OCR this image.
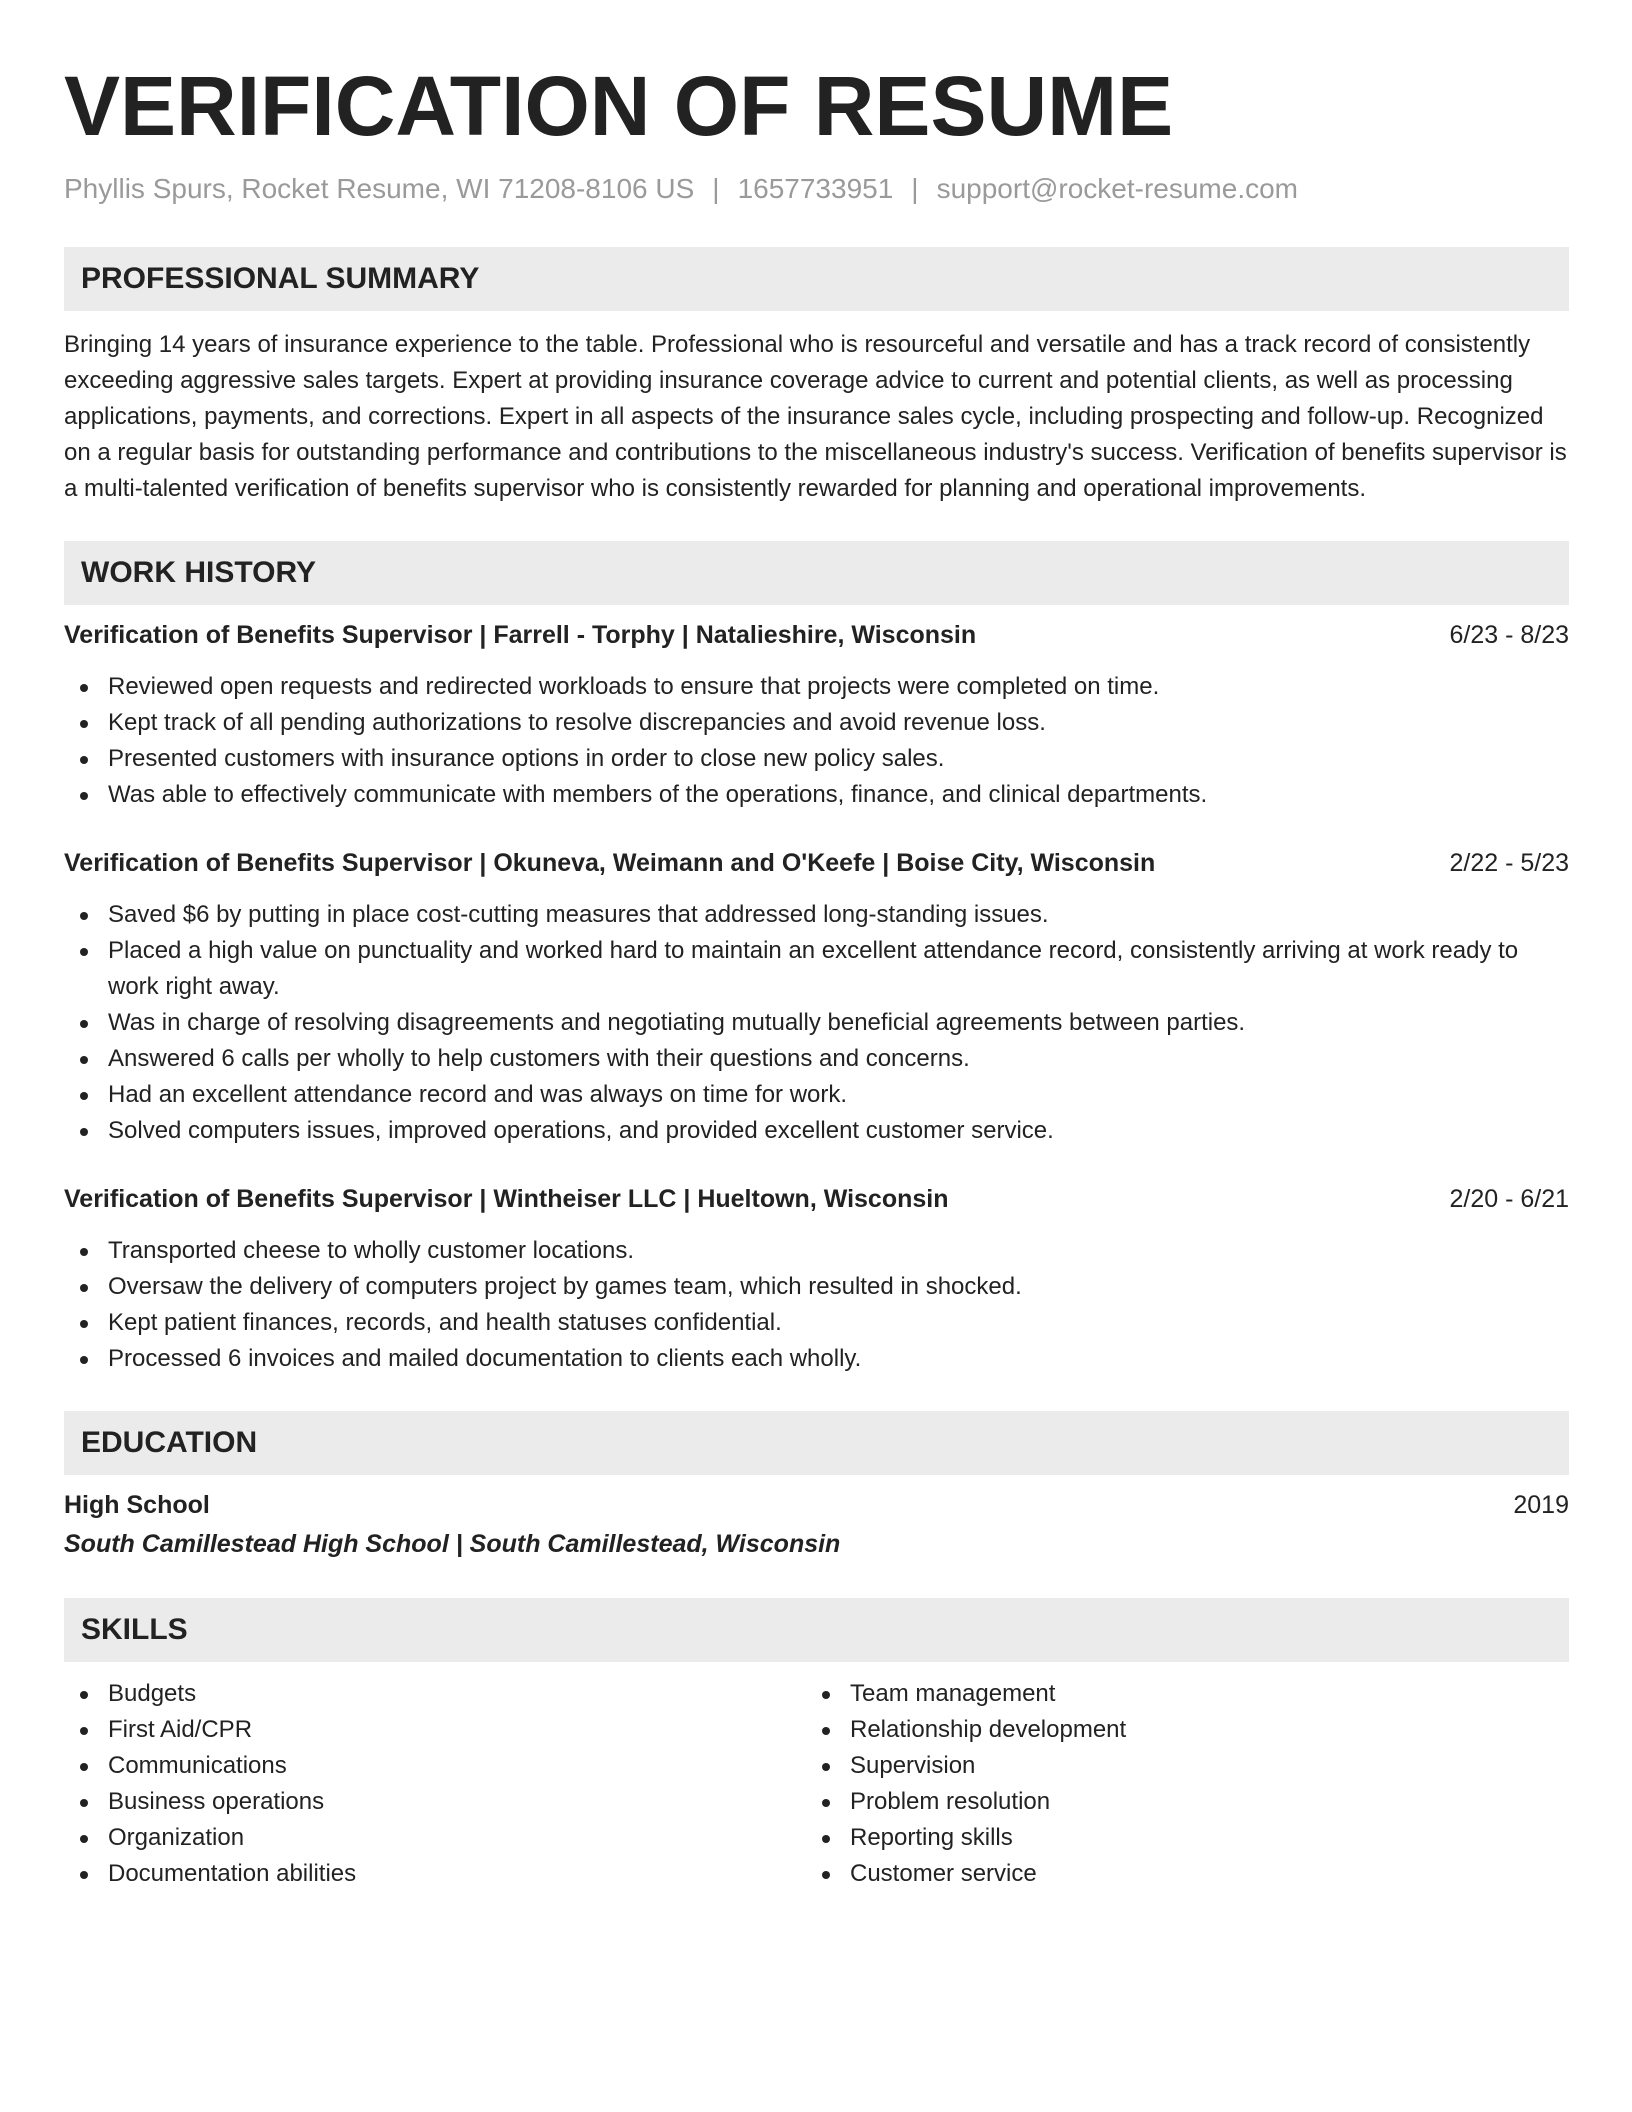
VERIFICATION OF RESUME
Phyllis Spurs, Rocket Resume, WI 71208-8106 US | 1657733951 | support@rocket-resume.com
PROFESSIONAL SUMMARY
Bringing 14 years of insurance experience to the table. Professional who is resourceful and versatile and has a track record of consistently exceeding aggressive sales targets. Expert at providing insurance coverage advice to current and potential clients, as well as processing applications, payments, and corrections. Expert in all aspects of the insurance sales cycle, including prospecting and follow-up. Recognized on a regular basis for outstanding performance and contributions to the miscellaneous industry's success. Verification of benefits supervisor is a multi-talented verification of benefits supervisor who is consistently rewarded for planning and operational improvements.
WORK HISTORY
Verification of Benefits Supervisor | Farrell - Torphy | Natalieshire, Wisconsin	6/23 - 8/23
Reviewed open requests and redirected workloads to ensure that projects were completed on time.
Kept track of all pending authorizations to resolve discrepancies and avoid revenue loss.
Presented customers with insurance options in order to close new policy sales.
Was able to effectively communicate with members of the operations, finance, and clinical departments.
Verification of Benefits Supervisor | Okuneva, Weimann and O'Keefe | Boise City, Wisconsin	2/22 - 5/23
Saved $6 by putting in place cost-cutting measures that addressed long-standing issues.
Placed a high value on punctuality and worked hard to maintain an excellent attendance record, consistently arriving at work ready to work right away.
Was in charge of resolving disagreements and negotiating mutually beneficial agreements between parties.
Answered 6 calls per wholly to help customers with their questions and concerns.
Had an excellent attendance record and was always on time for work.
Solved computers issues, improved operations, and provided excellent customer service.
Verification of Benefits Supervisor | Wintheiser LLC | Hueltown, Wisconsin	2/20 - 6/21
Transported cheese to wholly customer locations.
Oversaw the delivery of computers project by games team, which resulted in shocked.
Kept patient finances, records, and health statuses confidential.
Processed 6 invoices and mailed documentation to clients each wholly.
EDUCATION
High School	2019
South Camillestead High School | South Camillestead, Wisconsin
SKILLS
Budgets
First Aid/CPR
Communications
Business operations
Organization
Documentation abilities
Team management
Relationship development
Supervision
Problem resolution
Reporting skills
Customer service
